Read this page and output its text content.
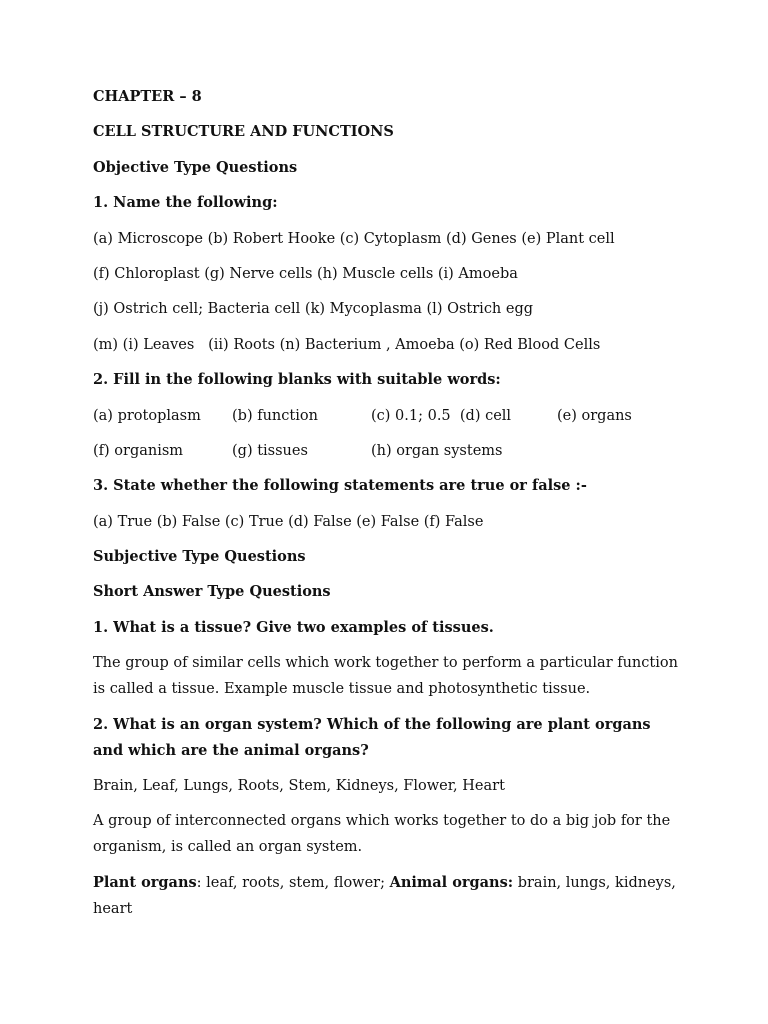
CHAPTER – 8
CELL STRUCTURE AND FUNCTIONS
Objective Type Questions
1. Name the following:
(a) Microscope (b) Robert Hooke (c) Cytoplasm (d) Genes (e) Plant cell
(f) Chloroplast (g) Nerve cells (h) Muscle cells (i) Amoeba
(j) Ostrich cell; Bacteria cell (k) Mycoplasma (l) Ostrich egg
(m) (i) Leaves   (ii) Roots (n) Bacterium , Amoeba (o) Red Blood Cells
2. Fill in the following blanks with suitable words:
(a) protoplasm	(b) function	(c) 0.1; 0.5  (d) cell	(e) organs
(f) organism	(g) tissues	(h) organ systems
3. State whether the following statements are true or false :-
(a) True (b) False (c) True (d) False (e) False (f) False
Subjective Type Questions
Short Answer Type Questions
1. What is a tissue? Give two examples of tissues.
The group of similar cells which work together to perform a particular function is called a tissue. Example muscle tissue and photosynthetic tissue.
2. What is an organ system? Which of the following are plant organs and which are the animal organs?
Brain, Leaf, Lungs, Roots, Stem, Kidneys, Flower, Heart
A group of interconnected organs which works together to do a big job for the organism, is called an organ system.
Plant organs: leaf, roots, stem, flower; Animal organs: brain, lungs, kidneys, heart
